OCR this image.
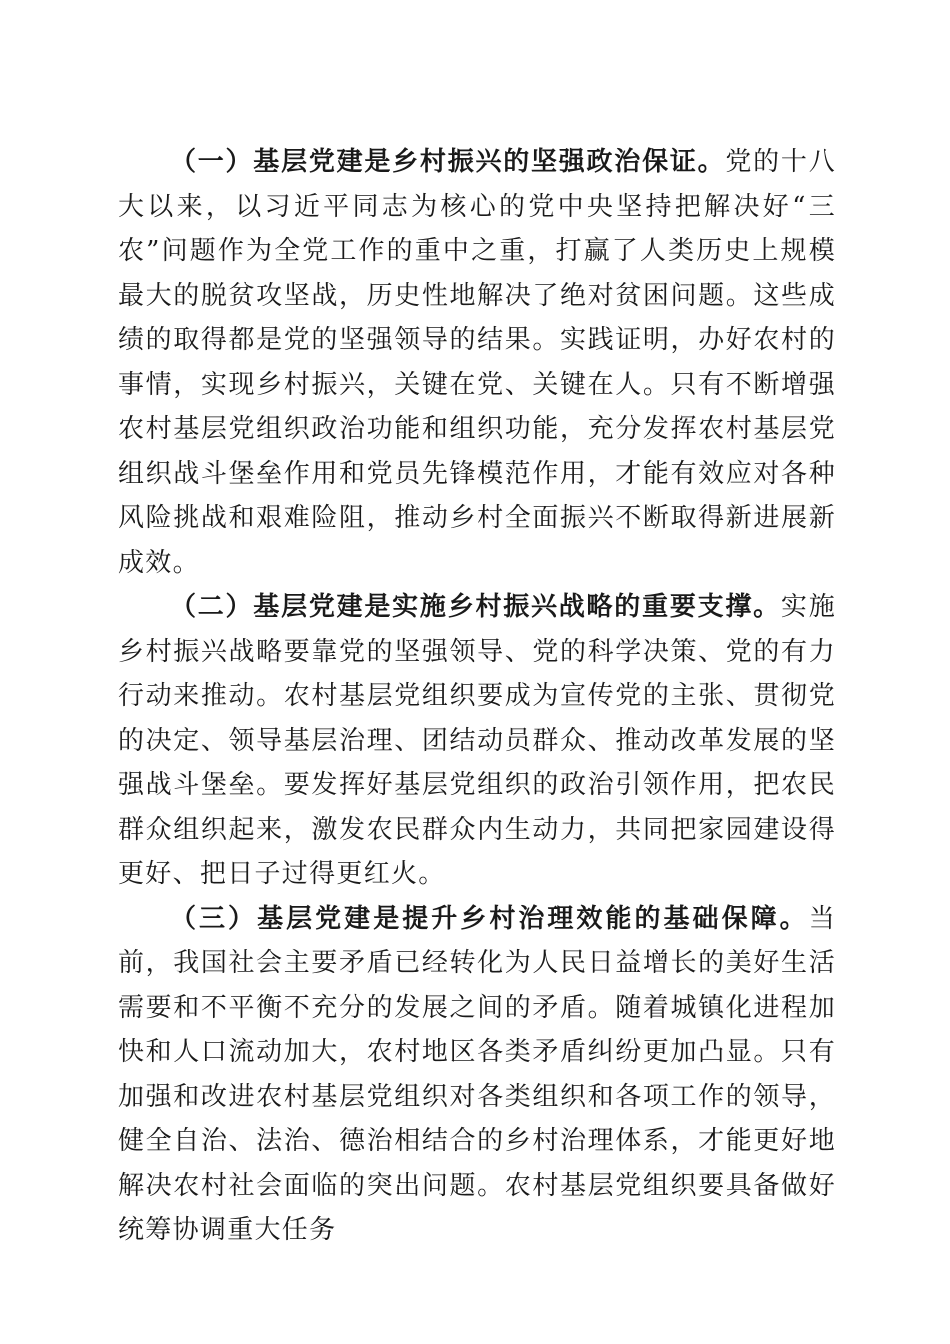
（一）基层党建是乡村振兴的坚强政治保证。党的十八大以来，以习近平同志为核心的党中央坚持把解决好“三农”问题作为全党工作的重中之重，打赢了人类历史上规模最大的脱贫攻坚战，历史性地解决了绝对贫困问题。这些成绩的取得都是党的坚强领导的结果。实践证明，办好农村的事情，实现乡村振兴，关键在党、关键在人。只有不断增强农村基层党组织政治功能和组织功能，充分发挥农村基层党组织战斗堡垒作用和党员先锋模范作用，才能有效应对各种风险挑战和艰难险阻，推动乡村全面振兴不断取得新进展新成效。

（二）基层党建是实施乡村振兴战略的重要支撑。实施乡村振兴战略要靠党的坚强领导、党的科学决策、党的有力行动来推动。农村基层党组织要成为宣传党的主张、贯彻党的决定、领导基层治理、团结动员群众、推动改革发展的坚强战斗堡垒。要发挥好基层党组织的政治引领作用，把农民群众组织起来，激发农民群众内生动力，共同把家园建设得更好、把日子过得更红火。

（三）基层党建是提升乡村治理效能的基础保障。当前，我国社会主要矛盾已经转化为人民日益增长的美好生活需要和不平衡不充分的发展之间的矛盾。随着城镇化进程加快和人口流动加大，农村地区各类矛盾纠纷更加凸显。只有加强和改进农村基层党组织对各类组织和各项工作的领导，健全自治、法治、德治相结合的乡村治理体系，才能更好地解决农村社会面临的突出问题。农村基层党组织要具备做好统筹协调重大任务
